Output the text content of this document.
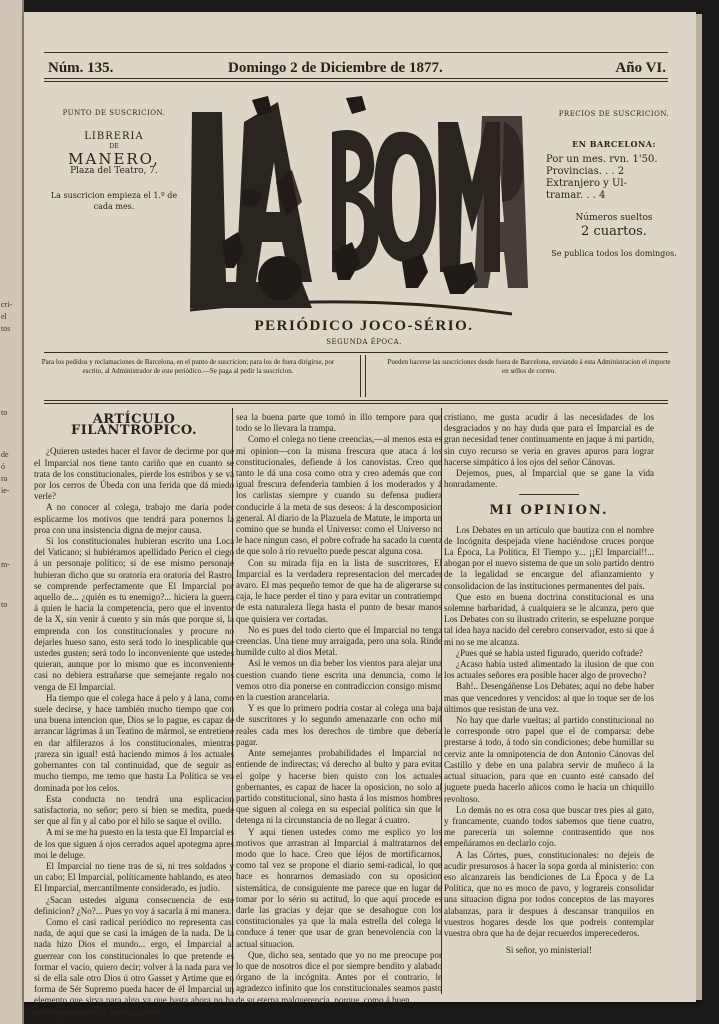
cri-
el
tos
to
de
ó
ra
ie-
m-
to
Núm. 135.	Domingo 2 de Diciembre de 1877.	Año VI.
PUNTO DE SUSCRICION.
LIBRERIA
DE
MANERO,
Plaza del Teatro, 7.
La suscricion empieza el 1.º de cada mes.
PRECIOS DE SUSCRICION.
EN BARCELONA:
Por un mes. rvn. 1'50.
Provincias. . . 2
Extranjero y Ul-
tramar. . . 4
Números sueltos
2 cuartos.
Se publica todos los domingos.
PERIÓDICO JOCO-SÉRIO.
SEGUNDA ÉPOCA.
Para los pedidos y reclamaciones de Barcelona, en el punto de suscricion; para los de fuera dirigirse, por escrito, al Administrador de este periódico.—Se paga al pedir la suscricion.
Pueden hacerse las suscriciones desde fuera de Barcelona, enviando á esta Administracion el importe en sellos de correo.
ARTÍCULO FILANTRÓPICO.

¿Quieren ustedes hacer el favor de decirme por qué el Imparcial nos tiene tanto cariño que en cuanto se trata de los constitucionales, pierde los estribos y se vá por los cerros de Úbeda con una ferida que dá miedo verle?

A no conocer al colega, trabajo me daria poder esplicarme los motivos que tendrá para ponernos la proa con una insistencia digna de mejor causa.

Si los constitucionales hubieran escrito una Loca del Vaticano; si hubiéramos apellidado Perico el ciego á un personaje político; si de ese mismo personaje hubieran dicho que su oratoria era oratoria del Rastro, se comprende perfectamente que El Imparcial por aquello de... ¿quién es tu enemigo?... hiciera la guerra á quien le hacía la competencia, pero que el inventor de la X, sin venir á cuento y sin más que porque sí, la emprenda con los constitucionales y procure no dejarles hueso sano, esto será todo lo inesplicable que ustedes gusten; será todo lo inconveniente que ustedes quieran, aunque por lo mismo que es inconveniente casi no debiera estrañarse que semejante regalo nos venga de El Imparcial.

Ha tiempo que el colega hace á pelo y á lana, como suele decirse, y hace también mucho tiempo que con una buena intencion que, Dios se lo pague, es capaz de arrancar lágrimas á un Teatino de mármol, se entretiene en dar alfilerazos á los constitucionales, mientras ¡rareza sin igual! está haciendo mimos á los actuales gobernantes con tal continuidad, que de seguir así mucho tiempo, me temo que hasta La Política se vea dominada por los celos.

Esta conducta no tendrá una esplicacion satisfactoria, no señor; pero sí bien se medita, puede ser que al fin y al cabo por el hilo se saque el ovillo.

A mí se me ha puesto en la testa que El Imparcial es de los que siguen á ojos cerrados aquel apotegma apres moi le deluge.

El Imparcial no tiene tras de sí, ni tres soldados y un cabo; El Imparcial, políticamente hablando, es ateo; El Imparcial, mercantilmente considerado, es judío.

¿Sacan ustedes alguna consecuencia de este definicion? ¿No?... Pues yo voy á sacarla á mi manera.

Como el casi radical periódico no representa casi nada, de aquí que se casi la imágen de la nada. De la nada hizo Dios el mundo... ergo, el Imparcial al guerrear con los constitucionales lo que pretende es formar el vacío, quiero decir; volver á la nada para ver si de ella sale otro Dios ú otro Gasset y Artime que en forma de Sér Supremo pueda hacer de él Imparcial un elemento que sirva para algo ya que hasta ahora no ha servido para maldita la cosa, salvo

sea la buena parte que tomó in illo tempore para que todo se lo llevara la trampa.

Como el colega no tiene creencias,—al menos esta es mi opinion—con la misma frescura que ataca á los constitucionales, defiende á los canovistas. Creo que tanto le dá una cosa como otra y creo además que con igual frescura defenderia tambien á los moderados y á los carlistas siempre y cuando su defensa pudiera conducirle á la meta de sus deseos: á la descomposicion general. Al diario de la Plazuela de Matute, le importa un comino que se hunda el Universo: como el Universo no le hace ningun caso, el pobre cofrade ha sacado la cuenta de que solo á río revuelto puede pescar alguna cosa.

Con su mirada fija en la lista de suscritores, El Imparcial es la verdadera representacion del mercader avaro. El mas pequeño temor de que ha de aligerarse su caja, le hace perder el tino y para evitar un contratiempo de esta naturaleza llega hasta el punto de besar manos que quisiera ver cortadas.

No es pues del todo cierto que el Imparcial no tenga creencias. Una tiene muy arraigada, pero una sola. Rinde humilde culto al dios Metal.

Así le vemos un dia beber los vientos para alejar una cuestion cuando tiene escrita una denuncia, como le vemos otro dia ponerse en contradiccion consigo mismo en la cuestion arancelaria.

Y es que lo primero podria costar al colega una baja de suscritores y lo segundo amenazarle con ocho mil reales cada mes los derechos de timbre que debería pagar.

Ante semejantes probabilidades el Imparcial no entiende de indirectas; vá derecho al bulto y para evitar el golpe y hacerse bien quisto con los actuales gobernantes, es capaz de hacer la oposicion, no solo al partido constitucional, sino hasta á los mismos hombres que siguen al colega en su especial política sin que le detenga ni la circunstancia de no llegar á cuatro.

Y aquí tienen ustedes como me esplico yo los motivos que arrastran al Imparcial á maltratarnos del modo que lo hace. Creo que léjos de mortificarnos, como tal vez se propone el diario semi-radical, lo que hace es honrarnos demasiado con su oposicion sistemática, de consiguiente me parece que en lugar de tomar por lo sério su actitud, lo que aquí procede es darle las gracias y dejar que se desahogue con los constitucionales ya que la mala estrella del colega le conduce á tener que usar de gran benevolencia con la actual situacion.

Que, dicho sea, sentado que yo no me preocupe por lo que de nosotros dice el por siempre bendito y alabado órgano de la incógnita. Antes por el contrario, le agradezco infinito que los constitucionales seamos pasto de su eterna malquerencia, porque, como á buen

cristiano, me gusta acudir á las necesidades de los desgraciados y no hay duda que para el Imparcial es de gran necesidad tener continuamente en jaque á mi partido, sin cuyo recurso se veria en graves apuros para lograr hacerse simpático á los ojos del señor Cánovas.

Dejemos, pues, al Imparcial que se gane la vida honradamente.

MI OPINION.

Los Debates en un artículo que bautiza con el nombre de Incógnita despejada viene haciéndose cruces porque La Época, La Política, El Tiempo y... ¡¡El Imparcial!!... abogan por el nuevo sistema de que un solo partido dentro de la legalidad se encargue del afianzamiento y consolidacion de las instituciones permanentes del país.

Que esto en buena doctrina constitucional es una solemne barbaridad, á cualquiera se le alcanza, pero que Los Debates con su ilustrado criterio, se espeluzne porque tal idea haya nacido del cerebro conservador, esto si que á mí no se me alcanza.

¿Pues qué se habia usted figurado, querido cofrade?

¿Acaso habia usted alimentado la ilusion de que con los actuales señores era posible hacer algo de provecho?

Bah!.. Desengáñense Los Debates; aquí no debe haber mas que vencedores y vencidos: al que lo toque ser de los últimos que resistan de una vez.

No hay que darle vueltas; al partido constitucional no le corresponde otro papel que el de comparsa: debe prestarse á todo, á todo sin condiciones; debe humillar su cerviz ante la omnipotencia de don Antonio Cánovas del Castillo y debe en una palabra servir de muñeco á la actual situacion, para que en cuanto esté cansado del juguete pueda hacerlo añicos como le hacia un chiquillo revoltoso.

Lo demás no es otra cosa que buscar tres pies al gato, y francamente, cuando todos sabemos que tiene cuatro, me parecería un solemne contrasentido que nos empeñáramos en declarlo cojo.

A las Córtes, pues, constitucionales: no dejeis de acudir presurosos á hacer la sopa gorda al ministerio: con eso alcanzareis las bendiciones de La Época y de La Política, que no es moco de pavo, y lograreis consolidar una situacion digna por todos conceptos de las mayores alabanzas, para ir despues á descansar tranquilos en vuestros hogares desde los que podreis contemplar vuestra obra que ha de dejar recuerdos imperecederos.

Si señor, yo ministerial!
